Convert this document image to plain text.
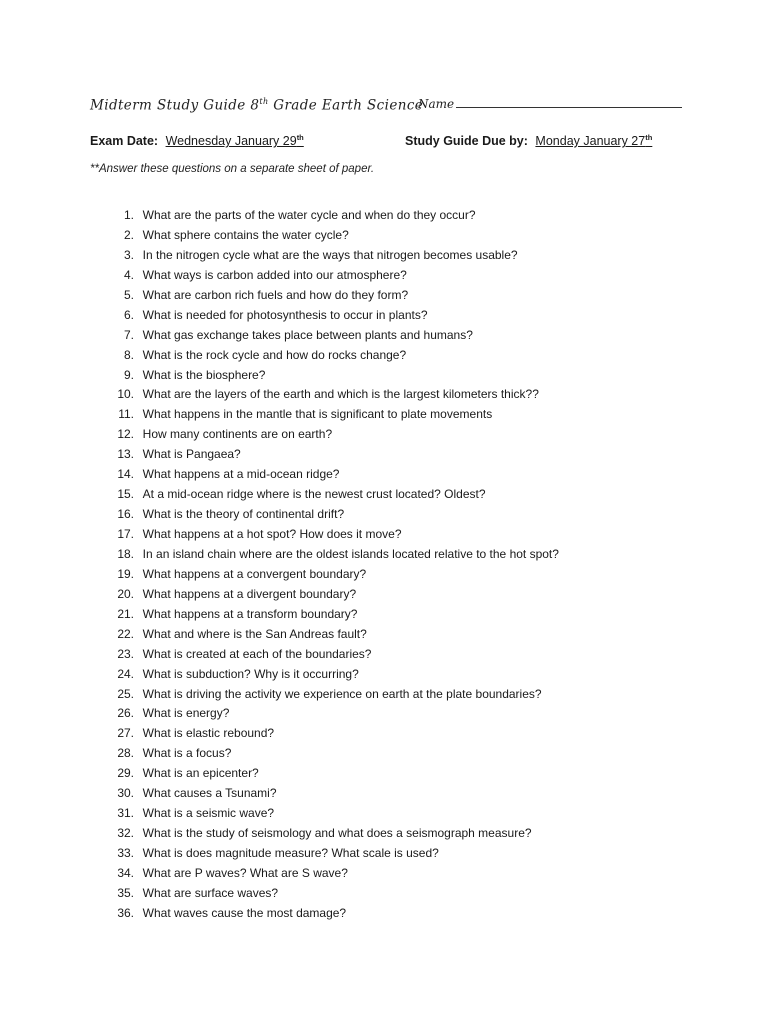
Midterm Study Guide 8th Grade Earth Science
Name
Exam Date: Wednesday January 29th	Study Guide Due by: Monday January 27th
**Answer these questions on a separate sheet of paper.
1.
What are the parts of the water cycle and when do they occur?
2.
What sphere contains the water cycle?
3.
In the nitrogen cycle what are the ways that nitrogen becomes usable?
4.
What ways is carbon added into our atmosphere?
5.
What are carbon rich fuels and how do they form?
6.
What is needed for photosynthesis to occur in plants?
7.
What gas exchange takes place between plants and humans?
8.
What is the rock cycle and how do rocks change?
9.
What is the biosphere?
10.
What are the layers of the earth and which is the largest kilometers thick??
11.
What happens in the mantle that is significant to plate movements
12.
How many continents are on earth?
13.
What is Pangaea?
14.
What happens at a mid-ocean ridge?
15.
At a mid-ocean ridge where is the newest crust located? Oldest?
16.
What is the theory of continental drift?
17.
What happens at a hot spot? How does it move?
18.
In an island chain where are the oldest islands located relative to the hot spot?
19.
What happens at a convergent boundary?
20.
What happens at a divergent boundary?
21.
What happens at a transform boundary?
22.
What and where is the San Andreas fault?
23.
What is created at each of the boundaries?
24.
What is subduction? Why is it occurring?
25.
What is driving the activity we experience on earth at the plate boundaries?
26.
What is energy?
27.
What is elastic rebound?
28.
What is a focus?
29.
What is an epicenter?
30.
What causes a Tsunami?
31.
What is a seismic wave?
32.
What is the study of seismology and what does a seismograph measure?
33.
What is does magnitude measure? What scale is used?
34.
What are P waves? What are S wave?
35.
What are surface waves?
36.
What waves cause the most damage?
